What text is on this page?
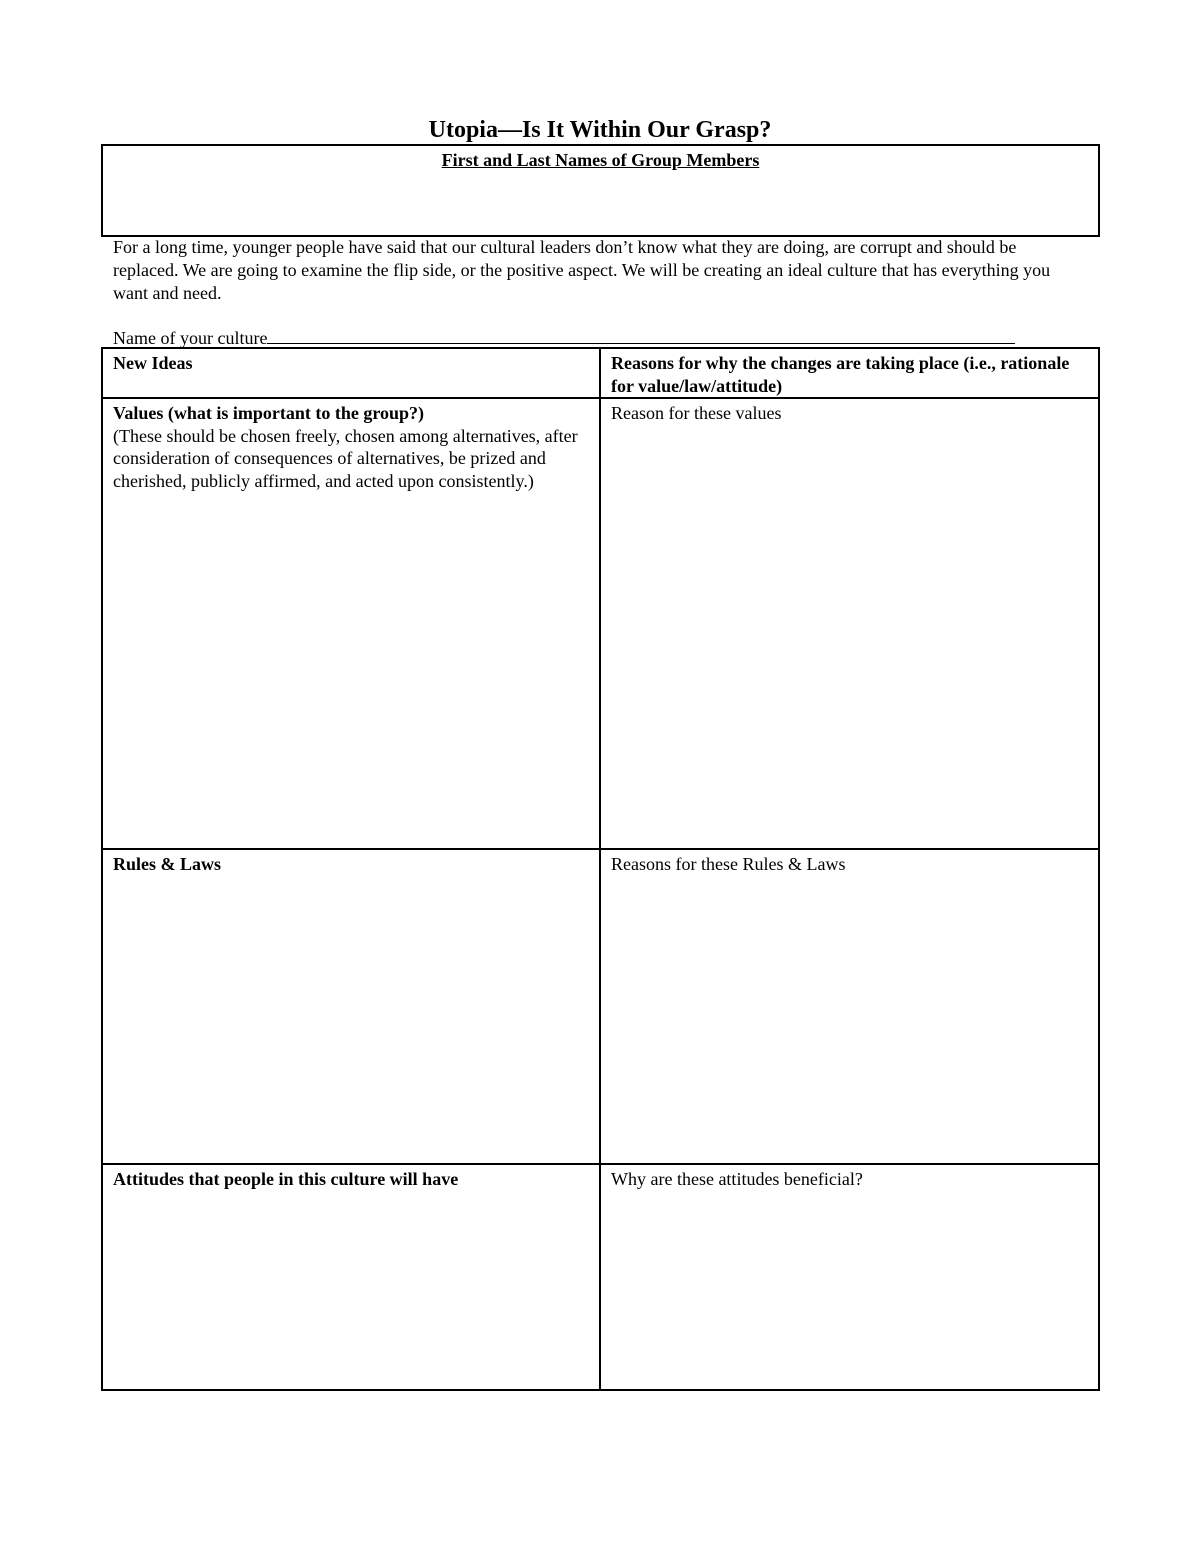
Utopia—Is It Within Our Grasp?
First and Last Names of Group Members

For a long time, younger people have said that our cultural leaders don’t know what they are doing, are corrupt and should be replaced. We are going to examine the flip side, or the positive aspect. We will be creating an ideal culture that has everything you want and need.

Name of your culture
New Ideas	Reasons for why the changes are taking place (i.e., rationale for value/law/attitude)

Values (what is important to the group?)
(These should be chosen freely, chosen among alternatives, after consideration of consequences of alternatives, be prized and cherished, publicly affirmed, and acted upon consistently.)	Reason for these values

Rules & Laws	Reasons for these Rules & Laws

Attitudes that people in this culture will have	Why are these attitudes beneficial?
